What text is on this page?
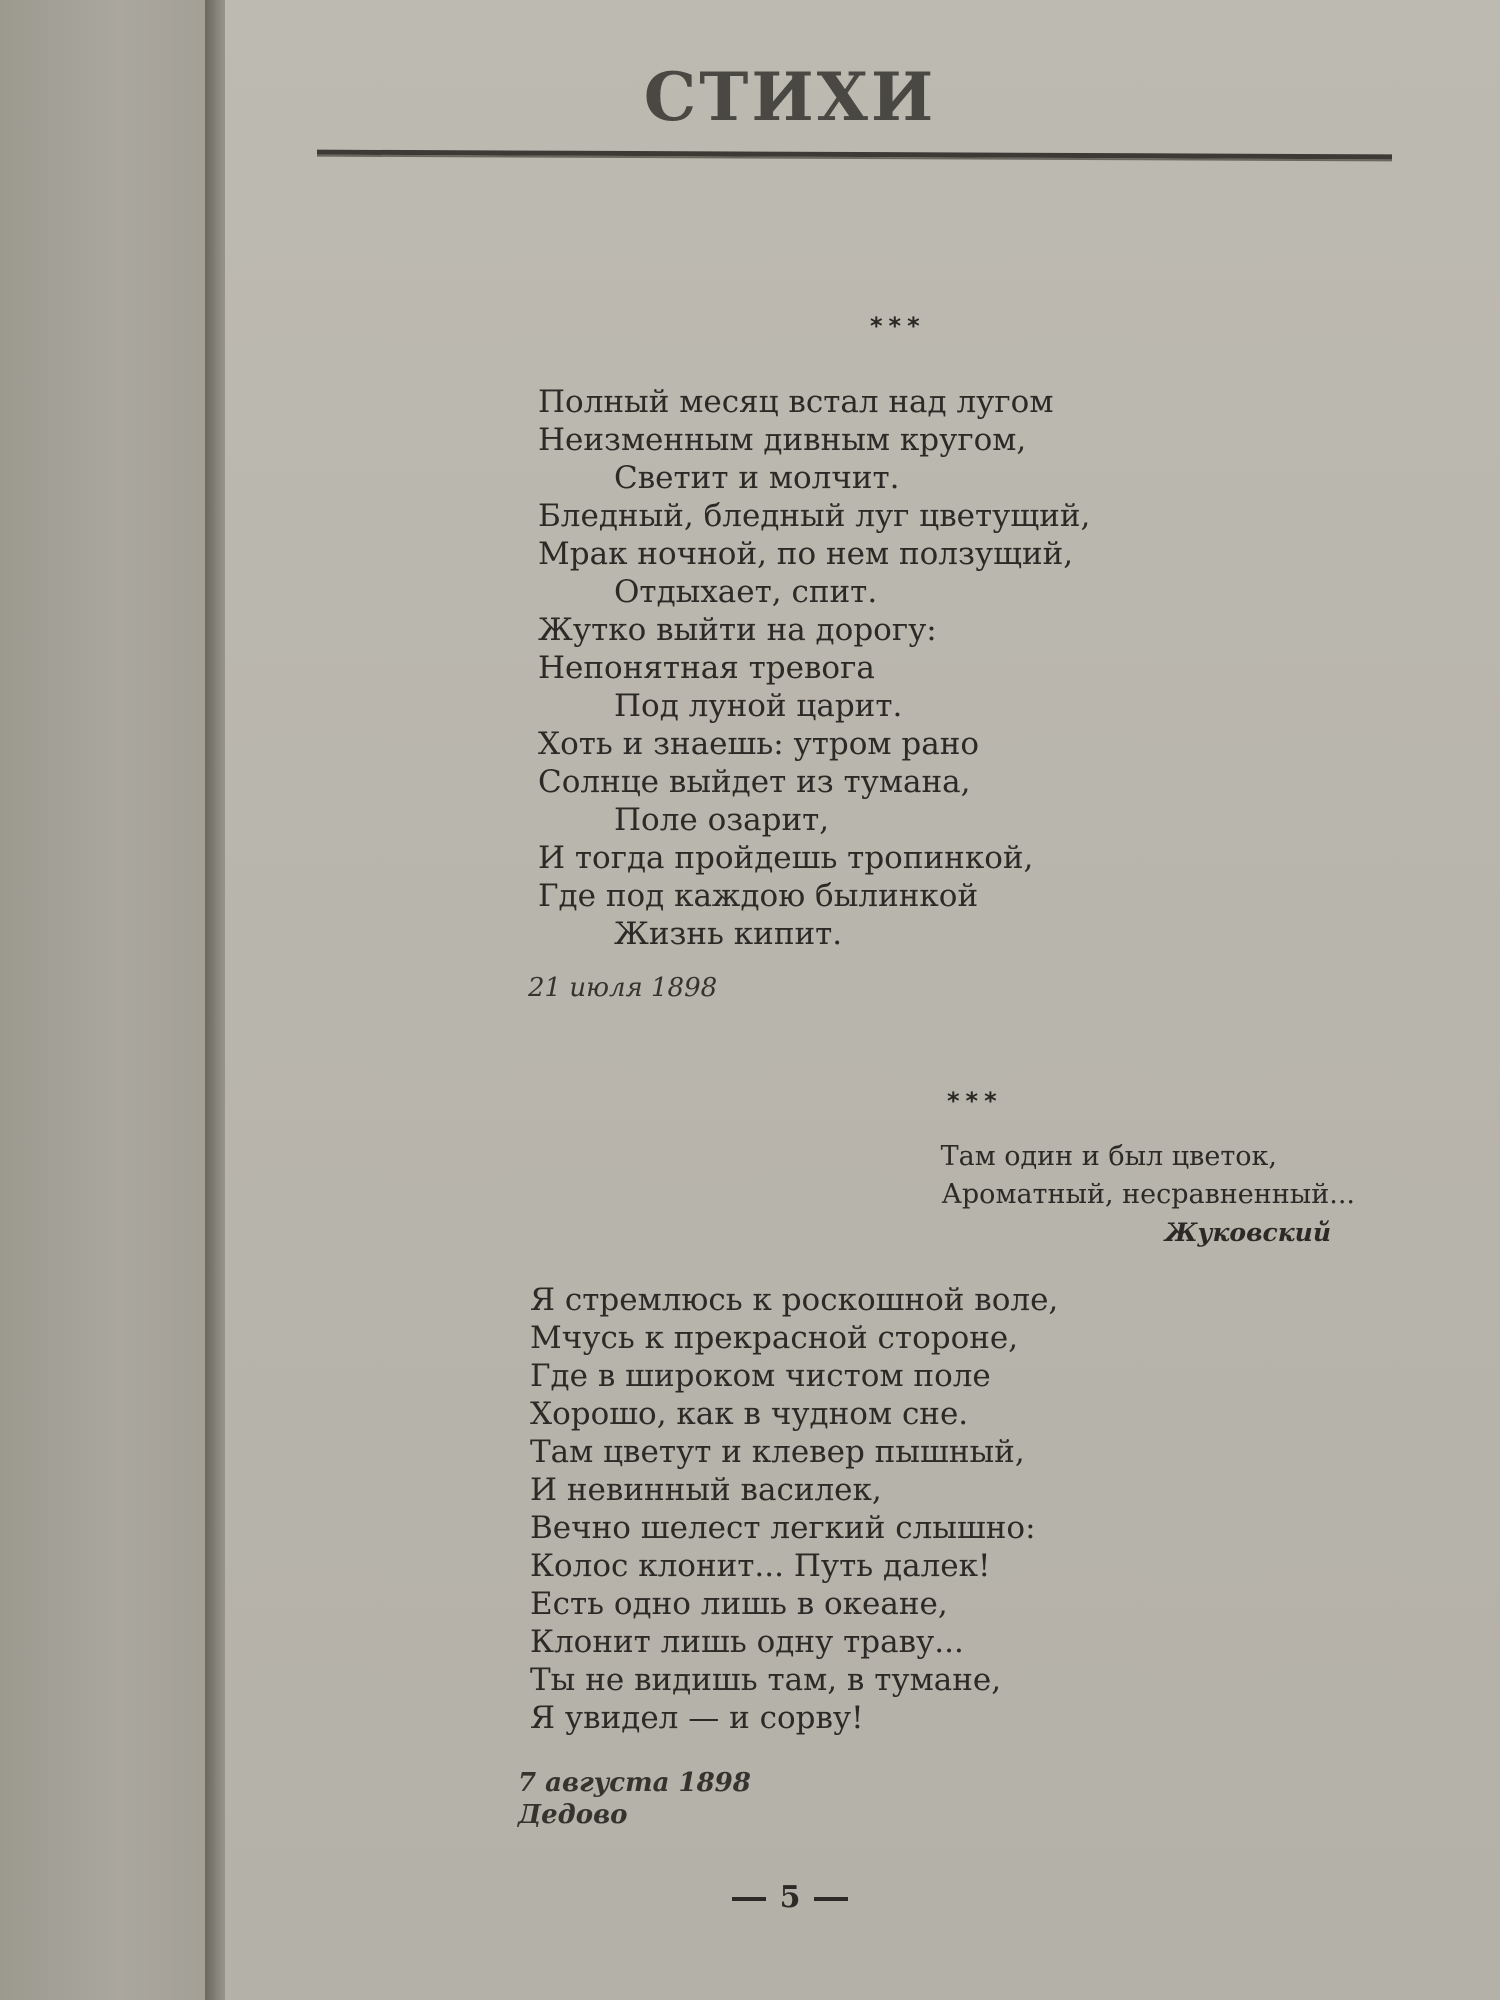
СТИХИ
***
Полный месяц встал над лугом
Неизменным дивным кругом,
Светит и молчит.
Бледный, бледный луг цветущий,
Мрак ночной, по нем ползущий,
Отдыхает, спит.
Жутко выйти на дорогу:
Непонятная тревога
Под луной царит.
Хоть и знаешь: утром рано
Солнце выйдет из тумана,
Поле озарит,
И тогда пройдешь тропинкой,
Где под каждою былинкой
Жизнь кипит.
21 июля 1898
***
Там один и был цветок,
Ароматный, несравненный...
Жуковский
Я стремлюсь к роскошной воле,
Мчусь к прекрасной стороне,
Где в широком чистом поле
Хорошо, как в чудном сне.
Там цветут и клевер пышный,
И невинный василек,
Вечно шелест легкий слышно:
Колос клонит... Путь далек!
Есть одно лишь в океане,
Клонит лишь одну траву...
Ты не видишь там, в тумане,
Я увидел — и сорву!
7 августа 1898
Дедово
5
